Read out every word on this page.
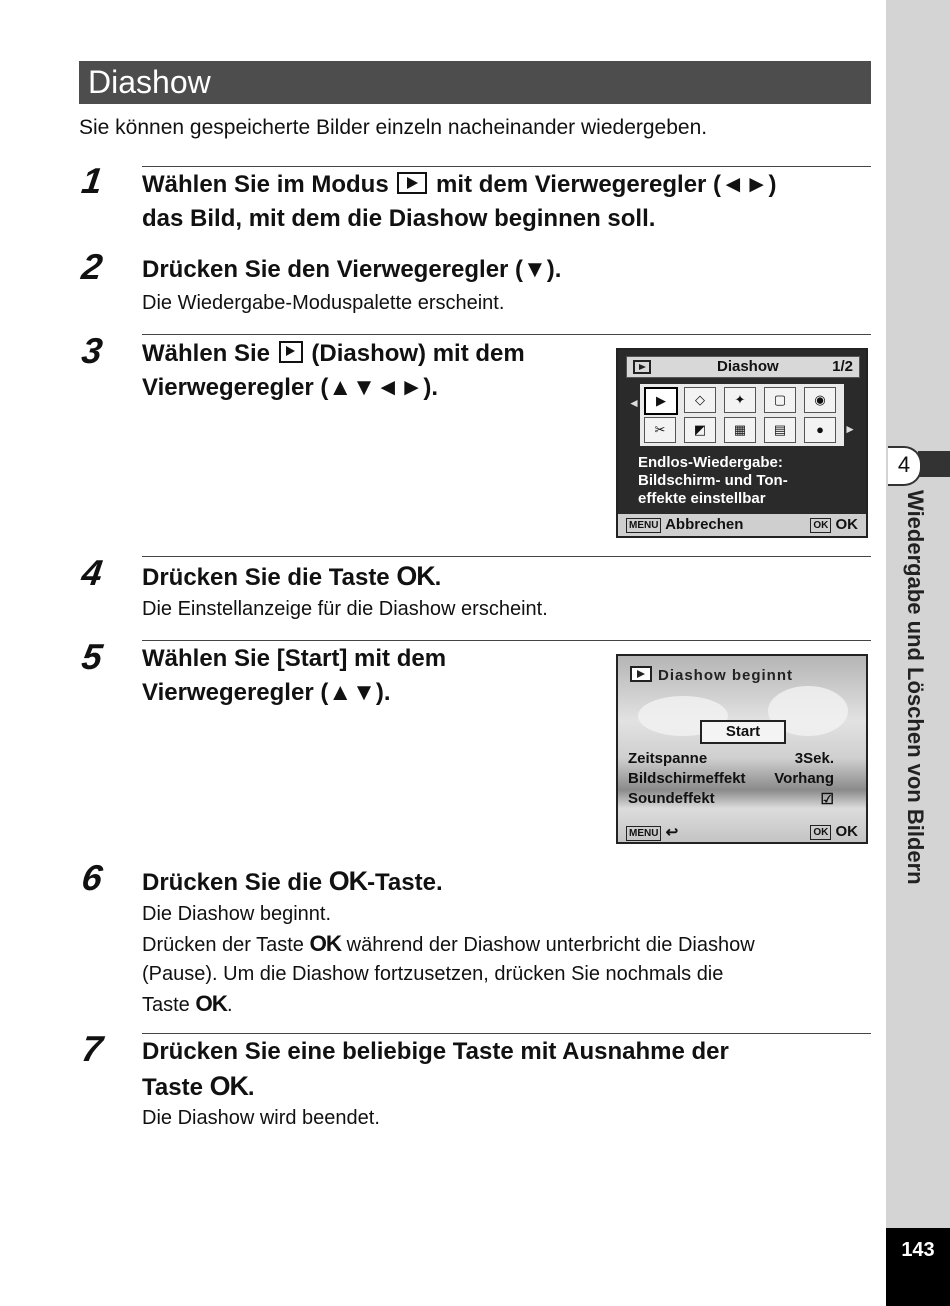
4
Wiedergabe und Löschen von Bildern
143
Diashow
Sie können gespeicherte Bilder einzeln nacheinander wiedergeben.
1 Wählen Sie im Modus mit dem Vierwegeregler (◄►)
das Bild, mit dem die Diashow beginnen soll.
2 Drücken Sie den Vierwegeregler (▼).
Die Wiedergabe-Moduspalette erscheint.
3 Wählen Sie (Diashow) mit dem
Vierwegeregler (▲▼◄►).
Diashow	1/2
◄
►
▶	◇	✦	▢	◉
✂	◩	▦	▤	●
Endlos-Wiedergabe:
Bildschirm- und Ton-
effekte einstellbar
MENU Abbrechen	OK OK
4 Drücken Sie die Taste OK.
Die Einstellanzeige für die Diashow erscheint.
5 Wählen Sie [Start] mit dem
Vierwegeregler (▲▼).
Diashow beginnt
Start
Zeitspanne	3Sek.
Bildschirmeffekt Vorhang
Soundeffekt	☑
MENU ↩	OK OK
6 Drücken Sie die OK-Taste.
Die Diashow beginnt.
Drücken der Taste OK während der Diashow unterbricht die Diashow
(Pause). Um die Diashow fortzusetzen, drücken Sie nochmals die
Taste OK.
7 Drücken Sie eine beliebige Taste mit Ausnahme der
Taste OK.
Die Diashow wird beendet.
